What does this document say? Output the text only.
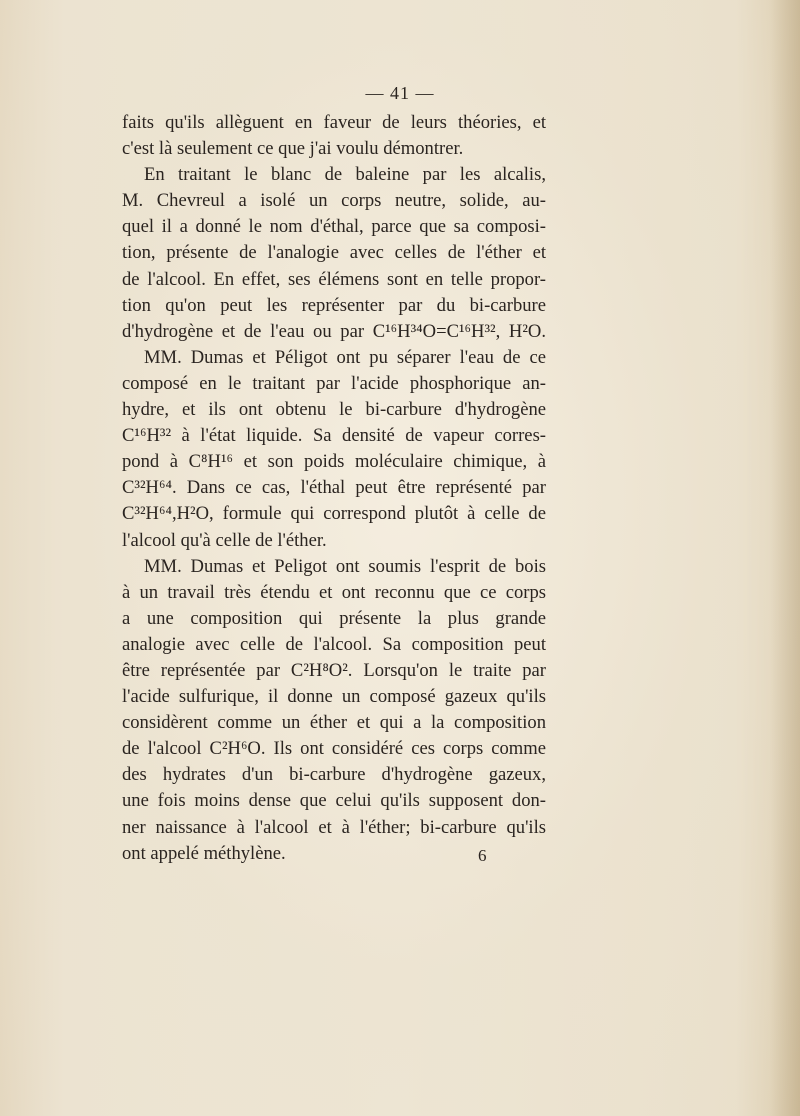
— 41 —
faits qu'ils allèguent en faveur de leurs théories, et
c'est là seulement ce que j'ai voulu démontrer.
En traitant le blanc de baleine par les alcalis,
M. Chevreul a isolé un corps neutre, solide, au-
quel il a donné le nom d'éthal, parce que sa composi-
tion, présente de l'analogie avec celles de l'éther et
de l'alcool. En effet, ses élémens sont en telle propor-
tion qu'on peut les représenter par du bi-carbure
d'hydrogène et de l'eau ou par C¹⁶H³⁴O=C¹⁶H³², H²O.
MM. Dumas et Péligot ont pu séparer l'eau de ce
composé en le traitant par l'acide phosphorique an-
hydre, et ils ont obtenu le bi-carbure d'hydrogène
C¹⁶H³² à l'état liquide. Sa densité de vapeur corres-
pond à C⁸H¹⁶ et son poids moléculaire chimique, à
C³²H⁶⁴. Dans ce cas, l'éthal peut être représenté par
C³²H⁶⁴,H²O, formule qui correspond plutôt à celle de
l'alcool qu'à celle de l'éther.
MM. Dumas et Peligot ont soumis l'esprit de bois
à un travail très étendu et ont reconnu que ce corps
a une composition qui présente la plus grande
analogie avec celle de l'alcool. Sa composition peut
être représentée par C²H⁸O². Lorsqu'on le traite par
l'acide sulfurique, il donne un composé gazeux qu'ils
considèrent comme un éther et qui a la composition
de l'alcool C²H⁶O. Ils ont considéré ces corps comme
des hydrates d'un bi-carbure d'hydrogène gazeux,
une fois moins dense que celui qu'ils supposent don-
ner naissance à l'alcool et à l'éther; bi-carbure qu'ils
ont appelé méthylène.	6
